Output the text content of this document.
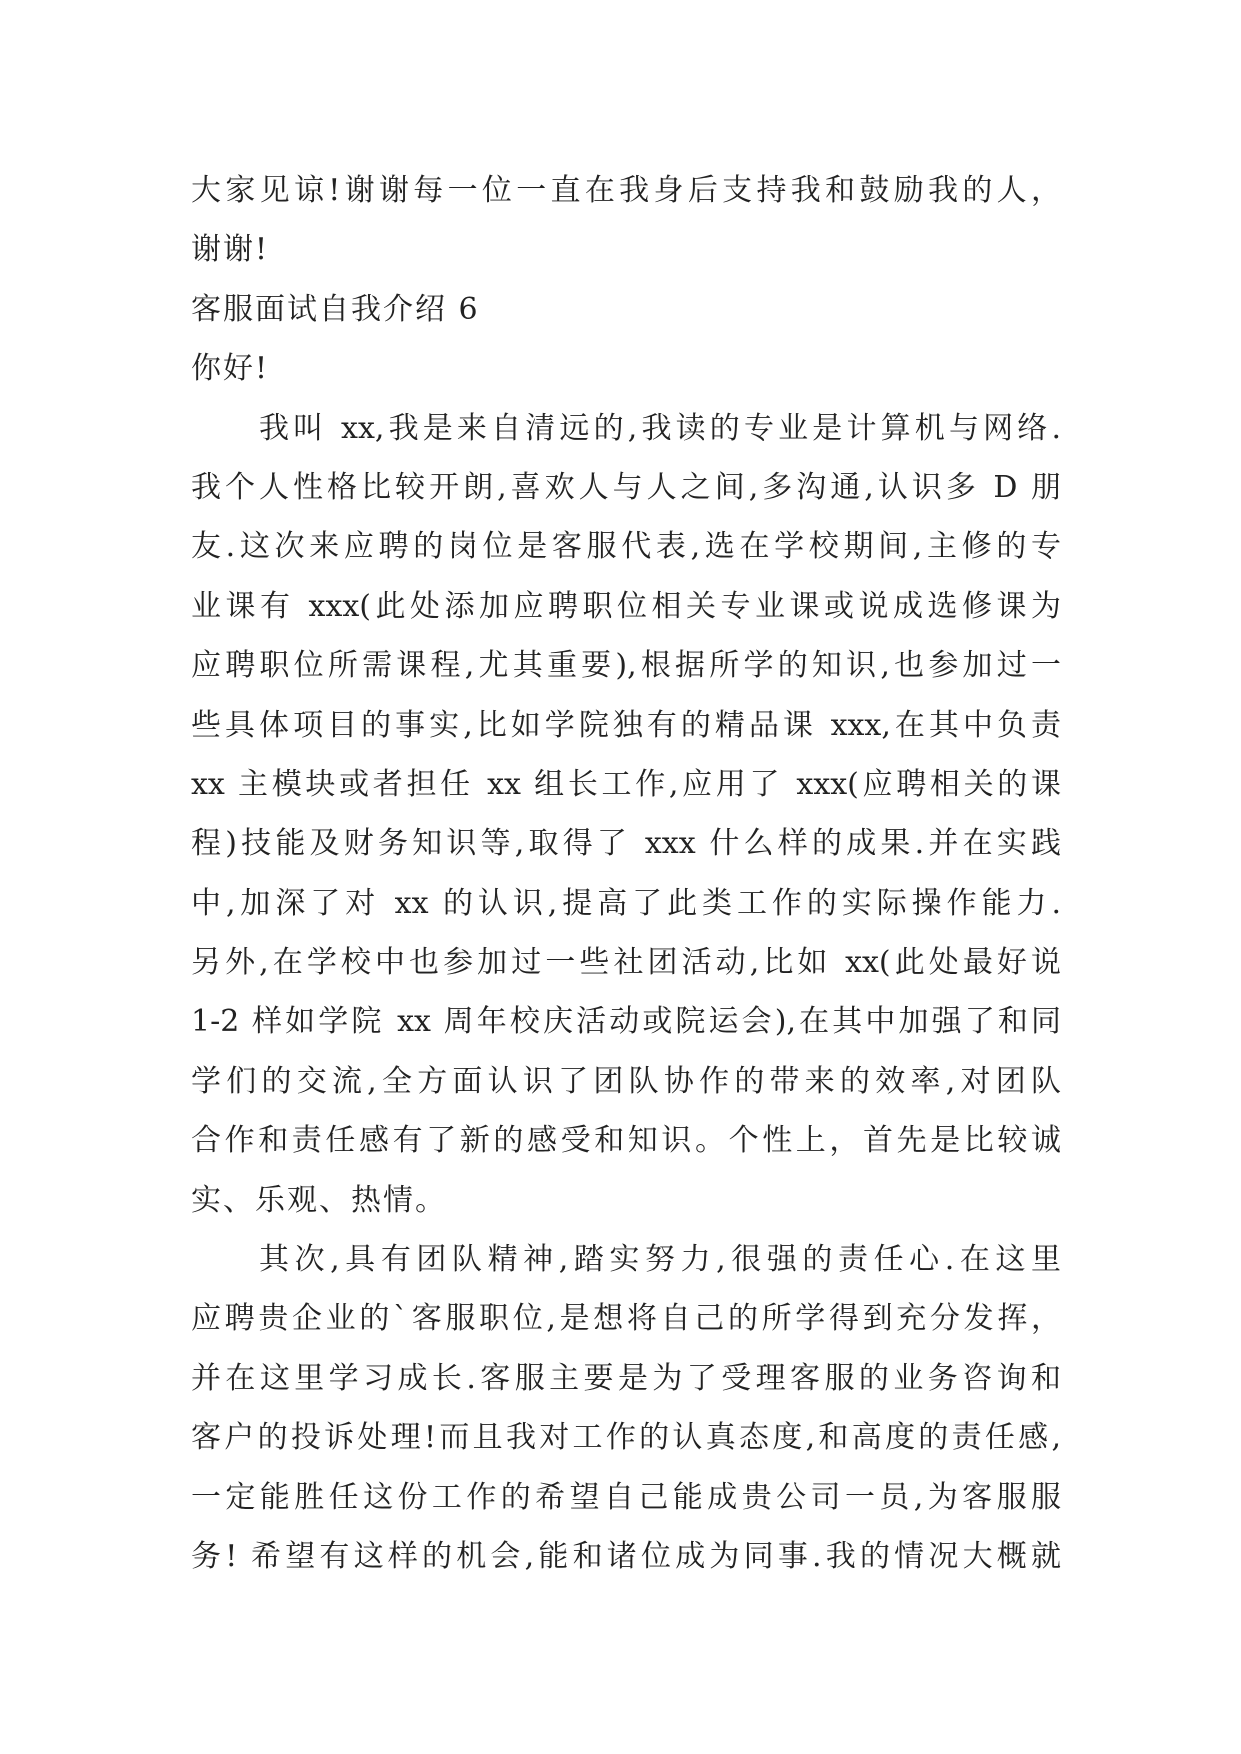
大家见谅!谢谢每一位一直在我身后支持我和鼓励我的人，
谢谢!
客服面试自我介绍 6
你好!
我叫 xx,我是来自清远的,我读的专业是计算机与网络.
我个人性格比较开朗,喜欢人与人之间,多沟通,认识多 D 朋
友.这次来应聘的岗位是客服代表,选在学校期间,主修的专
业课有 xxx(此处添加应聘职位相关专业课或说成选修课为
应聘职位所需课程,尤其重要),根据所学的知识,也参加过一
些具体项目的事实,比如学院独有的精品课 xxx,在其中负责
xx 主模块或者担任 xx 组长工作,应用了 xxx(应聘相关的课
程)技能及财务知识等,取得了 xxx 什么样的成果.并在实践
中,加深了对 xx 的认识,提高了此类工作的实际操作能力.
另外,在学校中也参加过一些社团活动,比如 xx(此处最好说
1-2 样如学院 xx 周年校庆活动或院运会),在其中加强了和同
学们的交流,全方面认识了团队协作的带来的效率,对团队
合作和责任感有了新的感受和知识。个性上，首先是比较诚
实、乐观、热情。
其次,具有团队精神,踏实努力,很强的责任心.在这里
应聘贵企业的`客服职位,是想将自己的所学得到充分发挥，
并在这里学习成长.客服主要是为了受理客服的业务咨询和
客户的投诉处理!而且我对工作的认真态度,和高度的责任感,
一定能胜任这份工作的希望自己能成贵公司一员,为客服服
务! 希望有这样的机会,能和诸位成为同事.我的情况大概就
